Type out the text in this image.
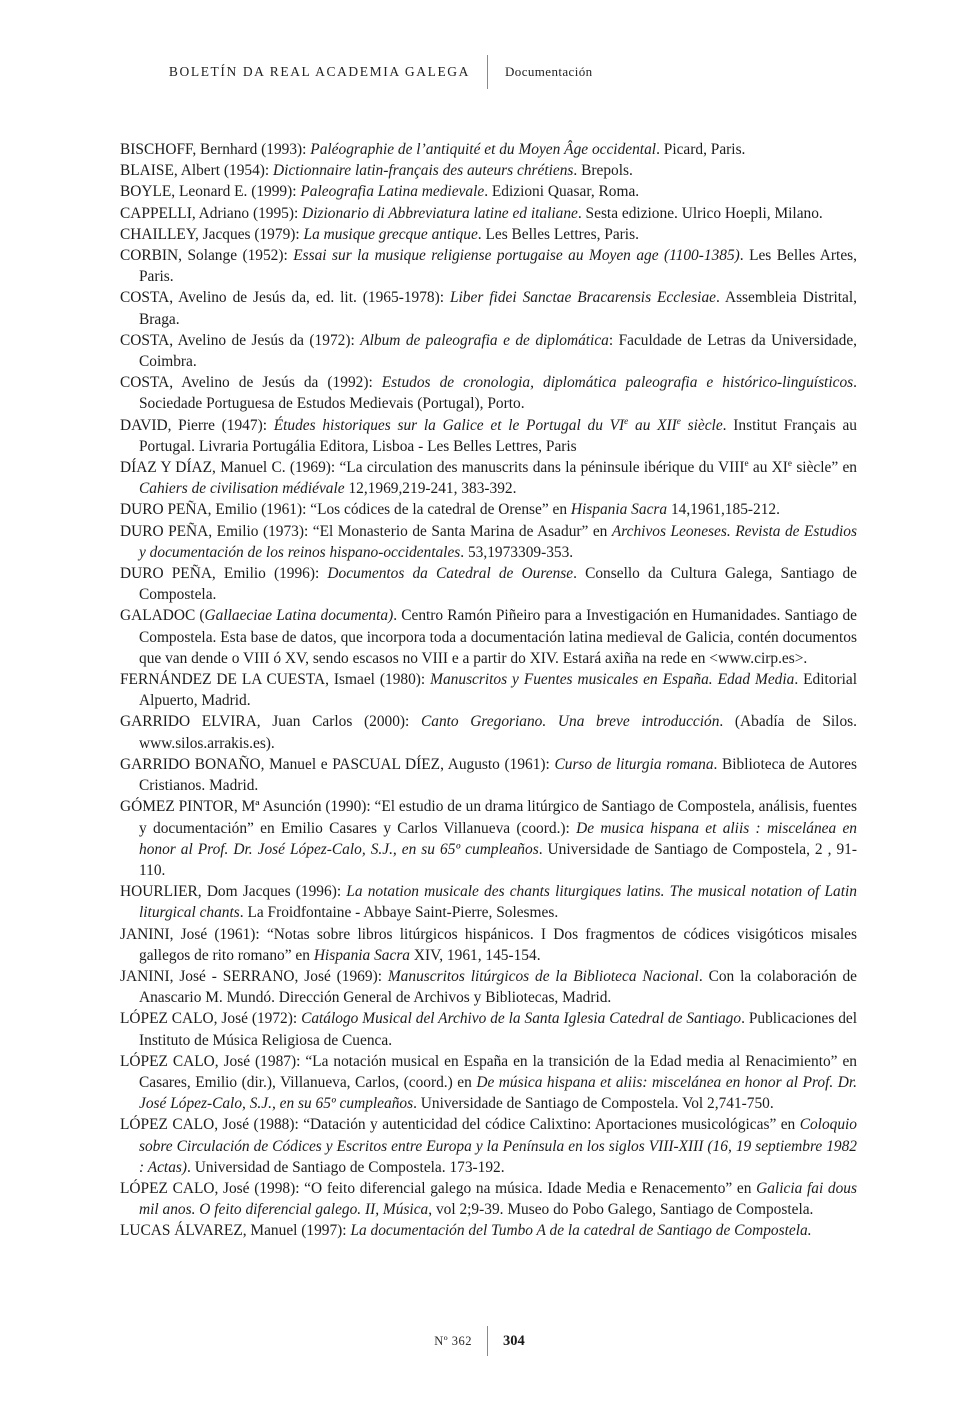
BOLETÍN DA REAL ACADEMIA GALEGA	Documentación

BISCHOFF, Bernhard (1993): Paléographie de l’antiquité et du Moyen Âge occidental. Picard, Paris.

BLAISE, Albert (1954): Dictionnaire latin-français des auteurs chrétiens. Brepols.

BOYLE, Leonard E. (1999): Paleografia Latina medievale. Edizioni Quasar, Roma.

CAPPELLI, Adriano (1995): Dizionario di Abbreviatura latine ed italiane. Sesta edizione. Ulrico Hoepli, Milano.

CHAILLEY, Jacques (1979): La musique grecque antique. Les Belles Lettres, Paris.

CORBIN, Solange (1952): Essai sur la musique religiense portugaise au Moyen age (1100-1385). Les Belles Artes, Paris.

COSTA, Avelino de Jesús da, ed. lit. (1965-1978): Liber fidei Sanctae Bracarensis Ecclesiae. Assembleia Distrital, Braga.

COSTA, Avelino de Jesús da (1972): Album de paleografia e de diplomática: Faculdade de Letras da Universidade, Coimbra.

COSTA, Avelino de Jesús da (1992): Estudos de cronologia, diplomática paleografia e histórico-linguísticos. Sociedade Portuguesa de Estudos Medievais (Portugal), Porto.

DAVID, Pierre (1947): Études historiques sur la Galice et le Portugal du VIe au XIIe siècle. Institut Français au Portugal. Livraria Portugália Editora, Lisboa - Les Belles Lettres, Paris

DÍAZ Y DÍAZ, Manuel C. (1969): “La circulation des manuscrits dans la péninsule ibérique du VIIIe au XIe siècle” en Cahiers de civilisation médiévale 12,1969,219-241, 383-392.

DURO PEÑA, Emilio (1961): “Los códices de la catedral de Orense” en Hispania Sacra 14,1961,185-212.

DURO PEÑA, Emilio (1973): “El Monasterio de Santa Marina de Asadur” en Archivos Leoneses. Revista de Estudios y documentación de los reinos hispano-occidentales. 53,1973309-353.

DURO PEÑA, Emilio (1996): Documentos da Catedral de Ourense. Consello da Cultura Galega, Santiago de Compostela.

GALADOC (Gallaeciae Latina documenta). Centro Ramón Piñeiro para a Investigación en Humanidades. Santiago de Compostela. Esta base de datos, que incorpora toda a documentación latina medieval de Galicia, contén documentos que van dende o VIII ó XV, sendo escasos no VIII e a partir do XIV. Estará axiña na rede en <www.cirp.es>.

FERNÁNDEZ DE LA CUESTA, Ismael (1980): Manuscritos y Fuentes musicales en España. Edad Media. Editorial Alpuerto, Madrid.

GARRIDO ELVIRA, Juan Carlos (2000): Canto Gregoriano. Una breve introducción. (Abadía de Silos. www.silos.arrakis.es).

GARRIDO BONAÑO, Manuel e PASCUAL DÍEZ, Augusto (1961): Curso de liturgia romana. Biblioteca de Autores Cristianos. Madrid.

GÓMEZ PINTOR, Mª Asunción (1990): “El estudio de un drama litúrgico de Santiago de Compostela, análisis, fuentes y documentación” en Emilio Casares y Carlos Villanueva (coord.): De musica hispana et aliis : miscelánea en honor al Prof. Dr. José López-Calo, S.J., en su 65º cumpleaños. Universidade de Santiago de Compostela, 2 , 91-110.

HOURLIER, Dom Jacques (1996): La notation musicale des chants liturgiques latins. The musical notation of Latin liturgical chants. La Froidfontaine - Abbaye Saint-Pierre, Solesmes.

JANINI, José (1961): “Notas sobre libros litúrgicos hispánicos. I Dos fragmentos de códices visigóticos misales gallegos de rito romano” en Hispania Sacra XIV, 1961, 145-154.

JANINI, José - SERRANO, José (1969): Manuscritos litúrgicos de la Biblioteca Nacional. Con la colaboración de Anascario M. Mundó. Dirección General de Archivos y Bibliotecas, Madrid.

LÓPEZ CALO, José (1972): Catálogo Musical del Archivo de la Santa Iglesia Catedral de Santiago. Publicaciones del Instituto de Música Religiosa de Cuenca.

LÓPEZ CALO, José (1987): “La notación musical en España en la transición de la Edad media al Renacimiento” en Casares, Emilio (dir.), Villanueva, Carlos, (coord.) en De música hispana et aliis: miscelánea en honor al Prof. Dr. José López-Calo, S.J., en su 65º cumpleaños. Universidade de Santiago de Compostela. Vol 2,741-750.

LÓPEZ CALO, José (1988): “Datación y autenticidad del códice Calixtino: Aportaciones musicológicas” en Coloquio sobre Circulación de Códices y Escritos entre Europa y la Península en los siglos VIII-XIII (16, 19 septiembre 1982 : Actas). Universidad de Santiago de Compostela. 173-192.

LÓPEZ CALO, José (1998): “O feito diferencial galego na música. Idade Media e Renacemento” en Galicia fai dous mil anos. O feito diferencial galego. II, Música, vol 2;9-39. Museo do Pobo Galego, Santiago de Compostela.

LUCAS ÁLVAREZ, Manuel (1997): La documentación del Tumbo A de la catedral de Santiago de Compostela.

Nº 362	304
